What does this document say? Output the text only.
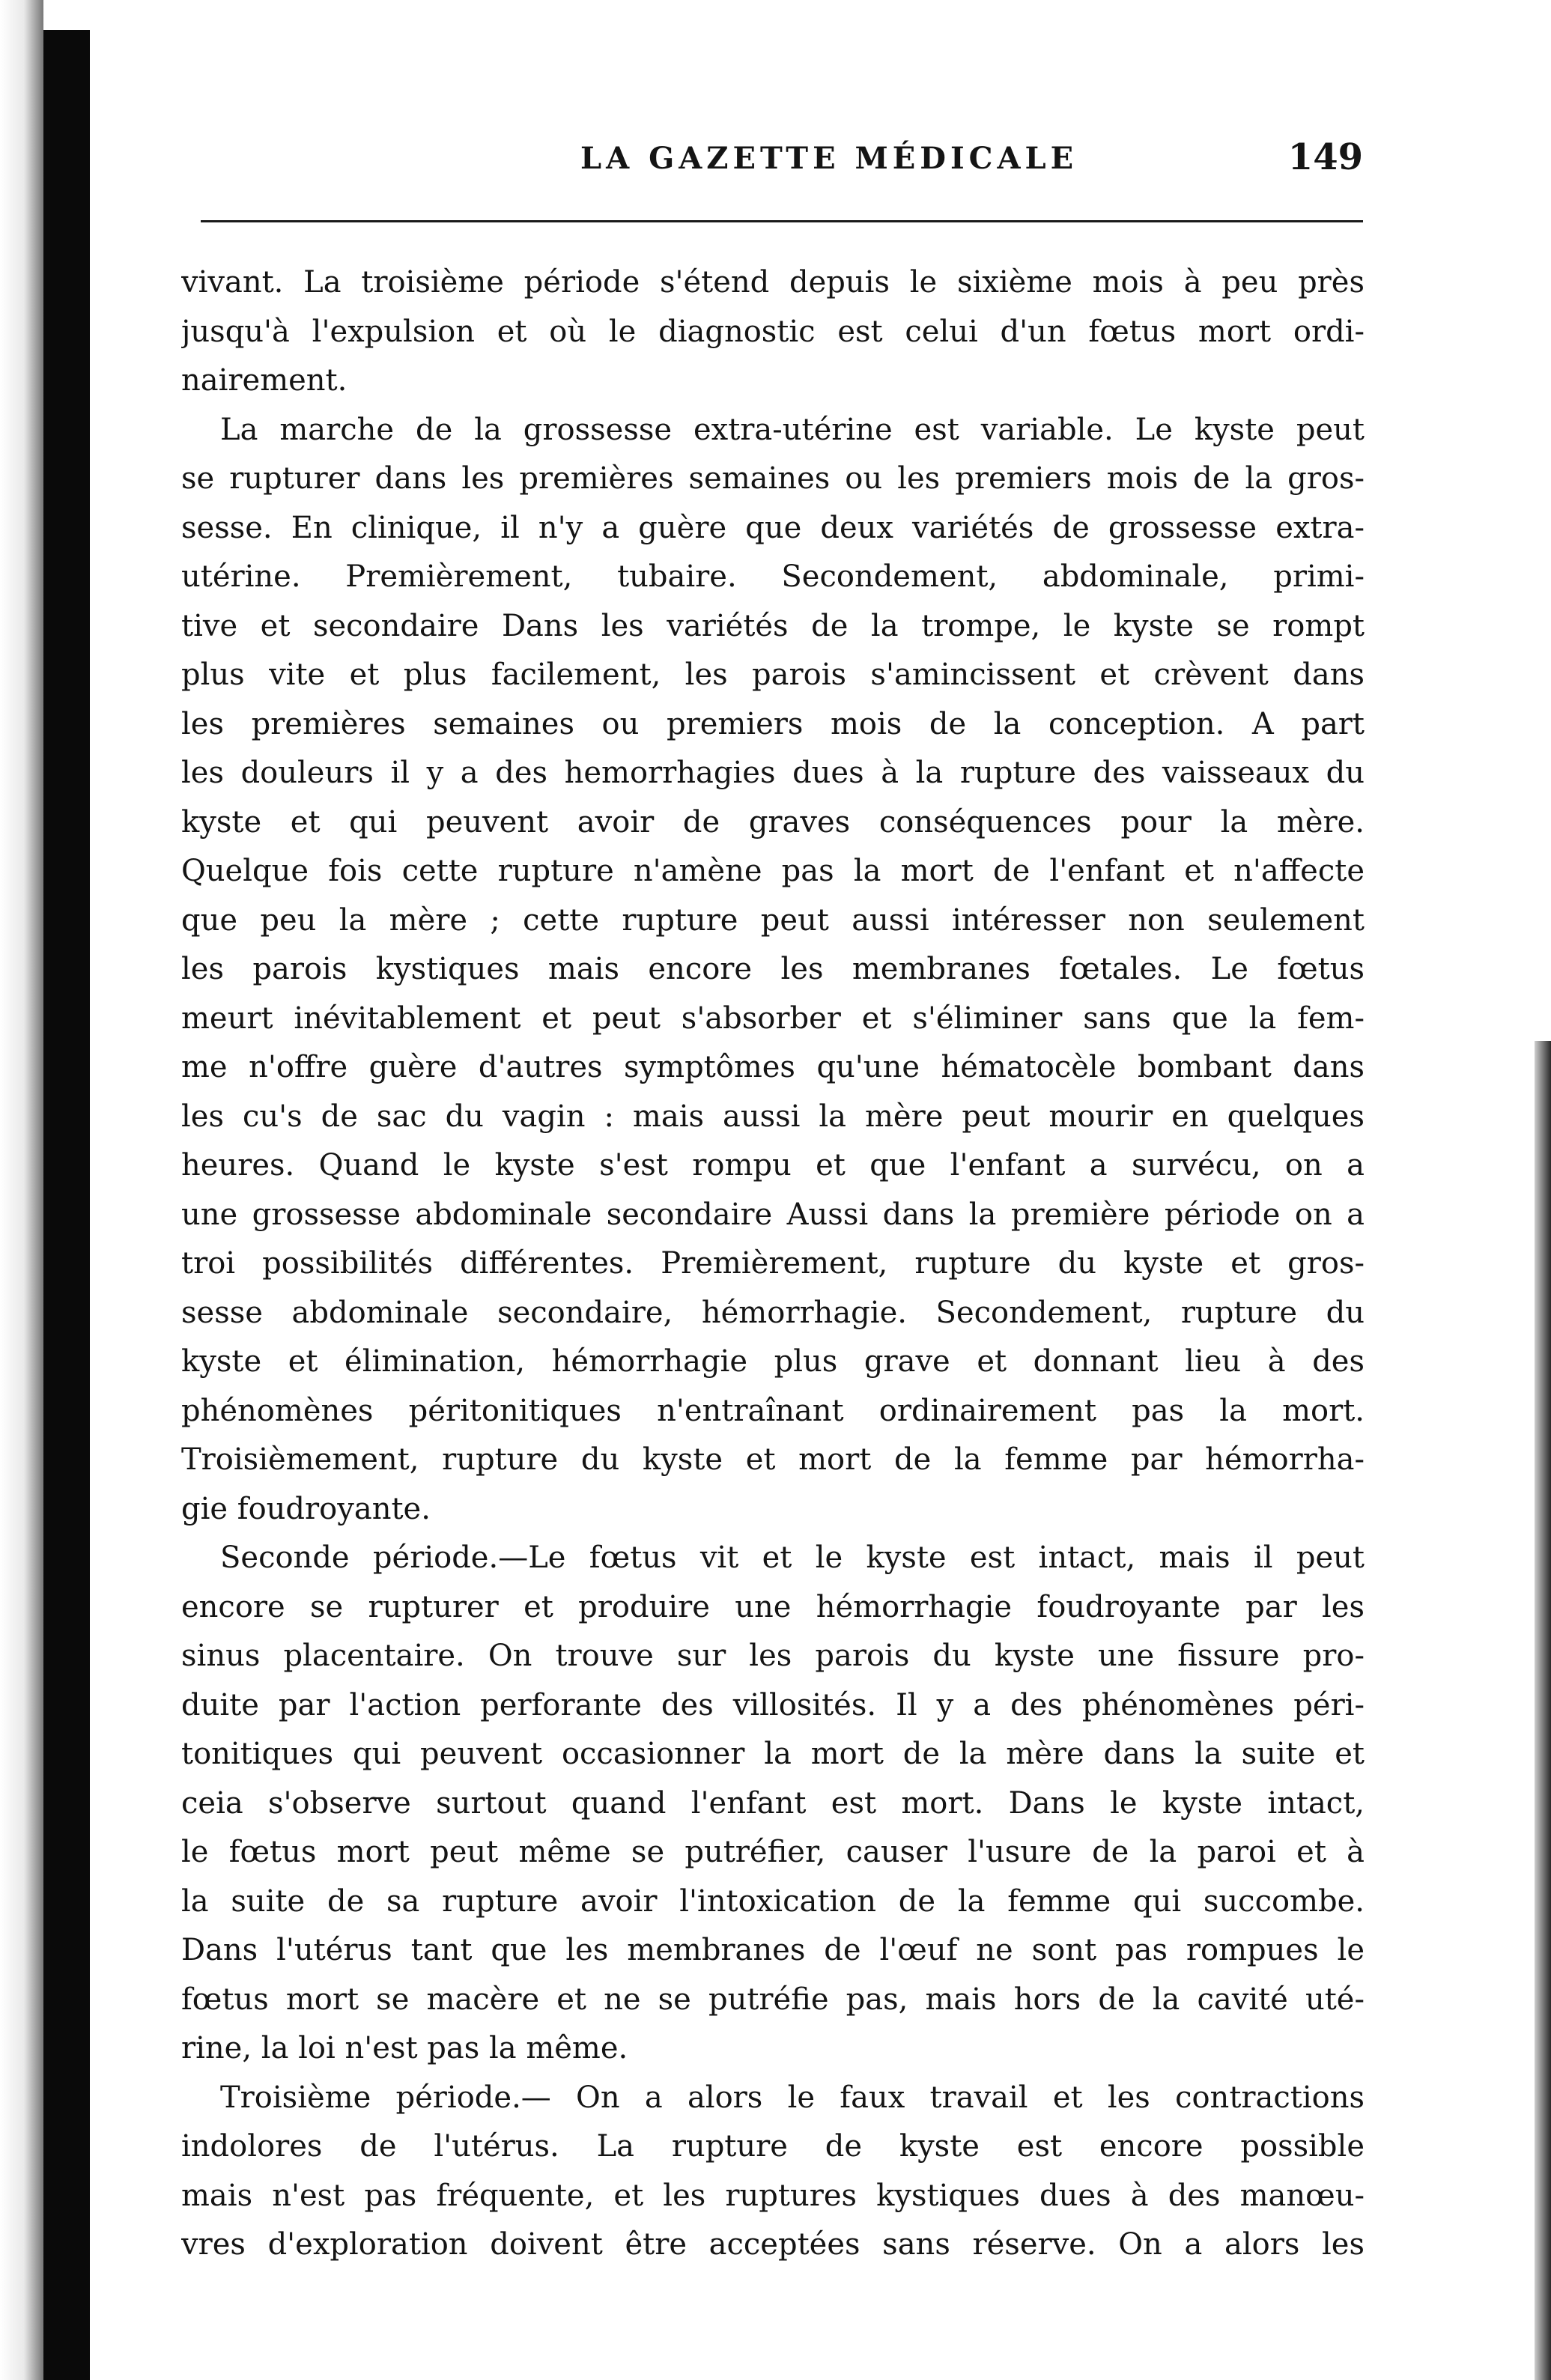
LA GAZETTE MÉDICALE	149
vivant. La troisième période s'étend depuis le sixième mois à peu près
jusqu'à l'expulsion et où le diagnostic est celui d'un fœtus mort ordi-
nairement.
La marche de la grossesse extra-utérine est variable. Le kyste peut
se rupturer dans les premières semaines ou les premiers mois de la gros-
sesse. En clinique, il n'y a guère que deux variétés de grossesse extra-
utérine. Premièrement, tubaire. Secondement, abdominale, primi-
tive et secondaire Dans les variétés de la trompe, le kyste se rompt
plus vite et plus facilement, les parois s'amincissent et crèvent dans
les premières semaines ou premiers mois de la conception. A part
les douleurs il y a des hemorrhagies dues à la rupture des vaisseaux du
kyste et qui peuvent avoir de graves conséquences pour la mère.
Quelque fois cette rupture n'amène pas la mort de l'enfant et n'affecte
que peu la mère ; cette rupture peut aussi intéresser non seulement
les parois kystiques mais encore les membranes fœtales. Le fœtus
meurt inévitablement et peut s'absorber et s'éliminer sans que la fem-
me n'offre guère d'autres symptômes qu'une hématocèle bombant dans
les cu's de sac du vagin : mais aussi la mère peut mourir en quelques
heures. Quand le kyste s'est rompu et que l'enfant a survécu, on a
une grossesse abdominale secondaire Aussi dans la première période on a
troi possibilités différentes. Premièrement, rupture du kyste et gros-
sesse abdominale secondaire, hémorrhagie. Secondement, rupture du
kyste et élimination, hémorrhagie plus grave et donnant lieu à des
phénomènes péritonitiques n'entraînant ordinairement pas la mort.
Troisièmement, rupture du kyste et mort de la femme par hémorrha-
gie foudroyante.
Seconde période.—Le fœtus vit et le kyste est intact, mais il peut
encore se rupturer et produire une hémorrhagie foudroyante par les
sinus placentaire. On trouve sur les parois du kyste une fissure pro-
duite par l'action perforante des villosités. Il y a des phénomènes péri-
tonitiques qui peuvent occasionner la mort de la mère dans la suite et
ceia s'observe surtout quand l'enfant est mort. Dans le kyste intact,
le fœtus mort peut même se putréfier, causer l'usure de la paroi et à
la suite de sa rupture avoir l'intoxication de la femme qui succombe.
Dans l'utérus tant que les membranes de l'œuf ne sont pas rompues le
fœtus mort se macère et ne se putréfie pas, mais hors de la cavité uté-
rine, la loi n'est pas la même.
Troisième période.— On a alors le faux travail et les contractions
indolores de l'utérus. La rupture de kyste est encore possible
mais n'est pas fréquente, et les ruptures kystiques dues à des manœu-
vres d'exploration doivent être acceptées sans réserve. On a alors les
